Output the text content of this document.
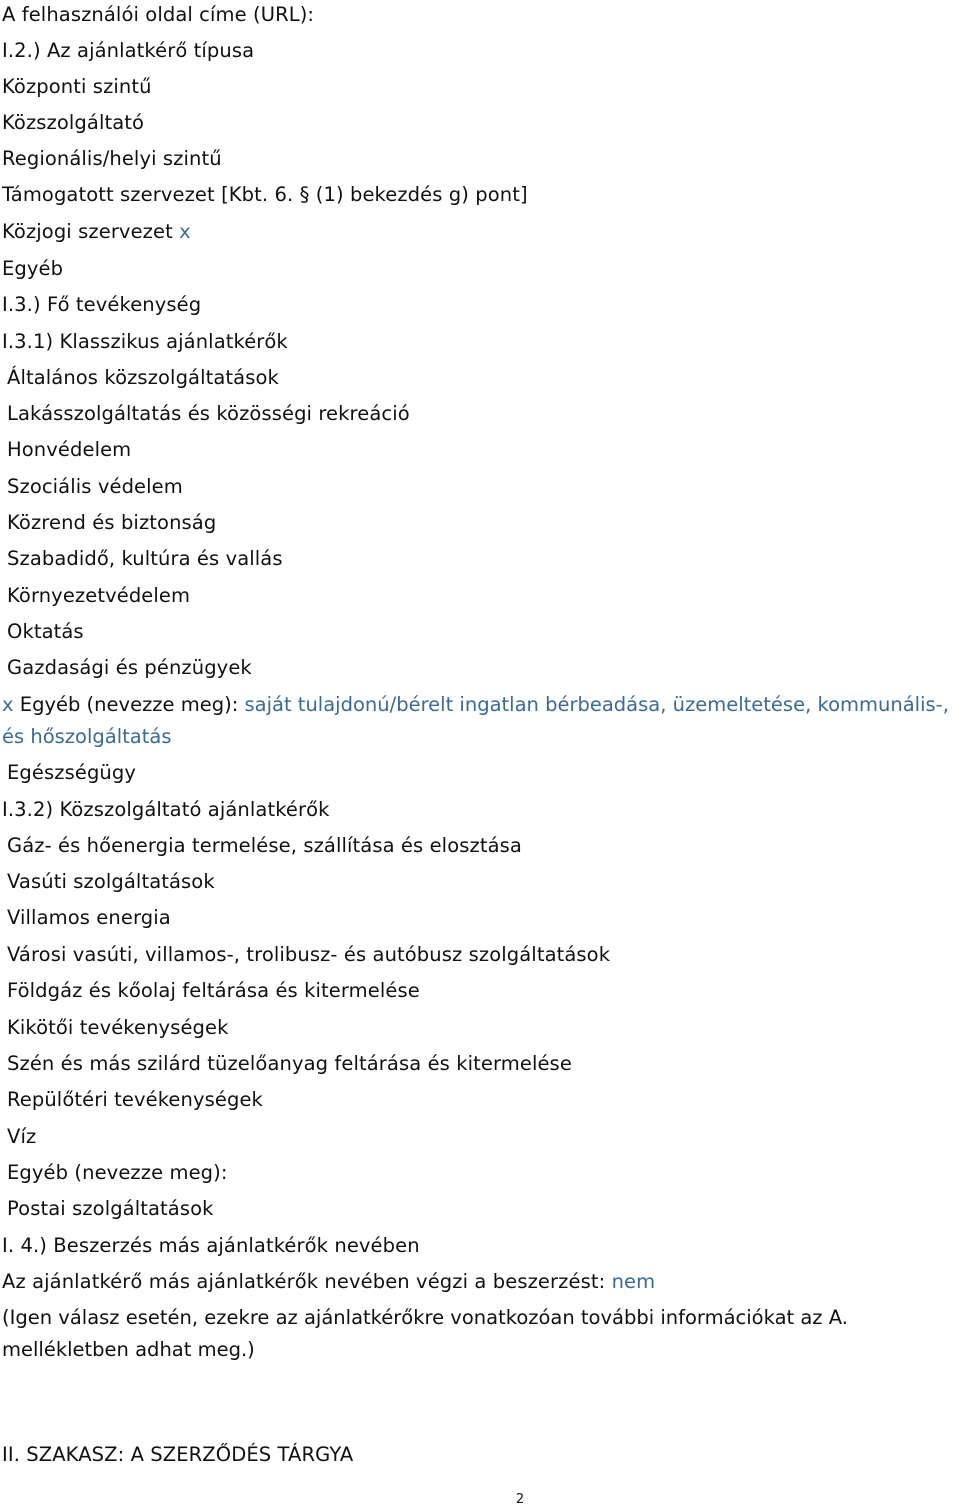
A felhasználói oldal címe (URL):
I.2.) Az ajánlatkérő típusa
Központi szintű
Közszolgáltató
Regionális/helyi szintű
Támogatott szervezet [Kbt. 6. § (1) bekezdés g) pont]
Közjogi szervezet x
Egyéb
I.3.) Fő tevékenység
I.3.1) Klasszikus ajánlatkérők
Általános közszolgáltatások
Lakásszolgáltatás és közösségi rekreáció
Honvédelem
Szociális védelem
Közrend és biztonság
Szabadidő, kultúra és vallás
Környezetvédelem
Oktatás
Gazdasági és pénzügyek
x Egyéb (nevezze meg): saját tulajdonú/bérelt ingatlan bérbeadása, üzemeltetése, kommunális-, és hőszolgáltatás
Egészségügy
I.3.2) Közszolgáltató ajánlatkérők
Gáz- és hőenergia termelése, szállítása és elosztása
Vasúti szolgáltatások
Villamos energia
Városi vasúti, villamos-, trolibusz- és autóbusz szolgáltatások
Földgáz és kőolaj feltárása és kitermelése
Kikötői tevékenységek
Szén és más szilárd tüzelőanyag feltárása és kitermelése
Repülőtéri tevékenységek
Víz
Egyéb (nevezze meg):
Postai szolgáltatások
I. 4.) Beszerzés más ajánlatkérők nevében
Az ajánlatkérő más ajánlatkérők nevében végzi a beszerzést: nem
(Igen válasz esetén, ezekre az ajánlatkérőkre vonatkozóan további információkat az A. mellékletben adhat meg.)
II. SZAKASZ: A SZERZŐDÉS TÁRGYA
2
